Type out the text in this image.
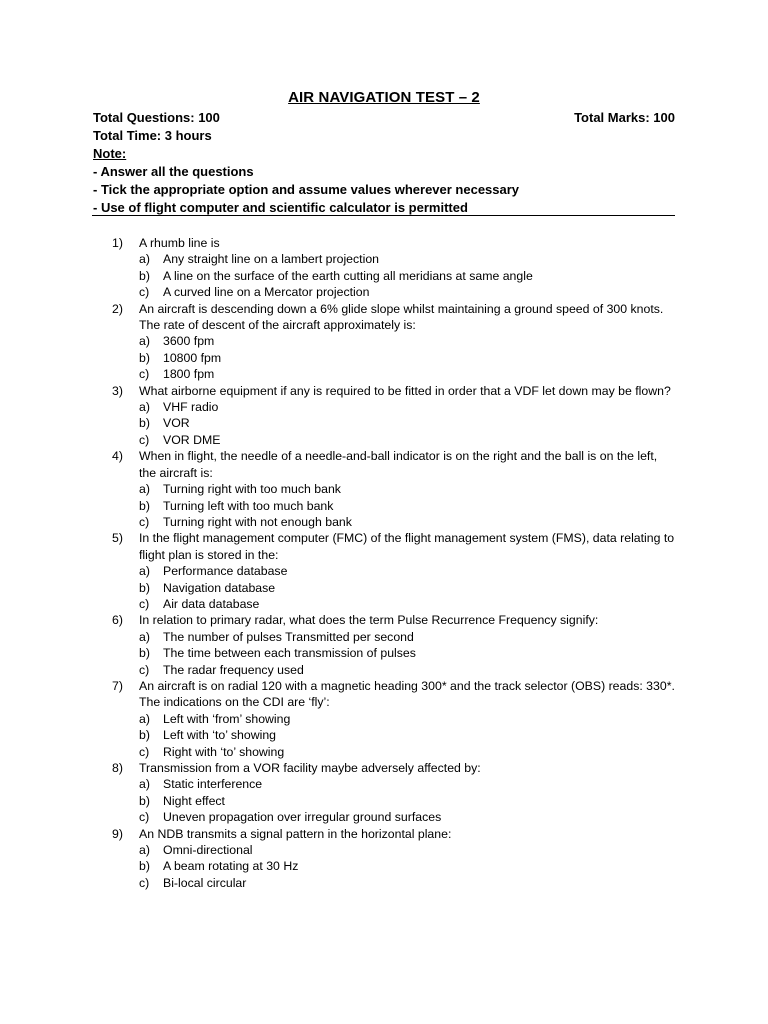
AIR NAVIGATION TEST – 2
Total Questions: 100	Total Marks: 100
Total Time: 3 hours
Note:
- Answer all the questions
- Tick the appropriate option and assume values wherever necessary
- Use of flight computer and scientific calculator is permitted
1)	A rhumb line is
a)	Any straight line on a lambert projection
b)	A line on the surface of the earth cutting all meridians at same angle
c)	A curved line on a Mercator projection
2)	An aircraft is descending down a 6% glide slope whilst maintaining a ground speed of 300 knots. The rate of descent of the aircraft approximately is:
a)	3600 fpm
b)	10800 fpm
c)	1800 fpm
3)	What airborne equipment if any is required to be fitted in order that a VDF let down may be flown?
a)	VHF radio
b)	VOR
c)	VOR DME
4)	When in flight, the needle of a needle-and-ball indicator is on the right and the ball is on the left, the aircraft is:
a)	Turning right with too much bank
b)	Turning left with too much bank
c)	Turning right with not enough bank
5)	In the flight management computer (FMC) of the flight management system (FMS), data relating to flight plan is stored in the:
a)	Performance database
b)	Navigation database
c)	Air data database
6)	In relation to primary radar, what does the term Pulse Recurrence Frequency signify:
a)	The number of pulses Transmitted per second
b)	The time between each transmission of pulses
c)	The radar frequency used
7)	An aircraft is on radial 120 with a magnetic heading 300* and the track selector (OBS) reads: 330*. The indications on the CDI are ‘fly’:
a)	Left with ‘from’ showing
b)	Left with ‘to’ showing
c)	Right with ‘to’ showing
8)	Transmission from a VOR facility maybe adversely affected by:
a)	Static interference
b)	Night effect
c)	Uneven propagation over irregular ground surfaces
9)	An NDB transmits a signal pattern in the horizontal plane:
a)	Omni-directional
b)	A beam rotating at 30 Hz
c)	Bi-local circular
